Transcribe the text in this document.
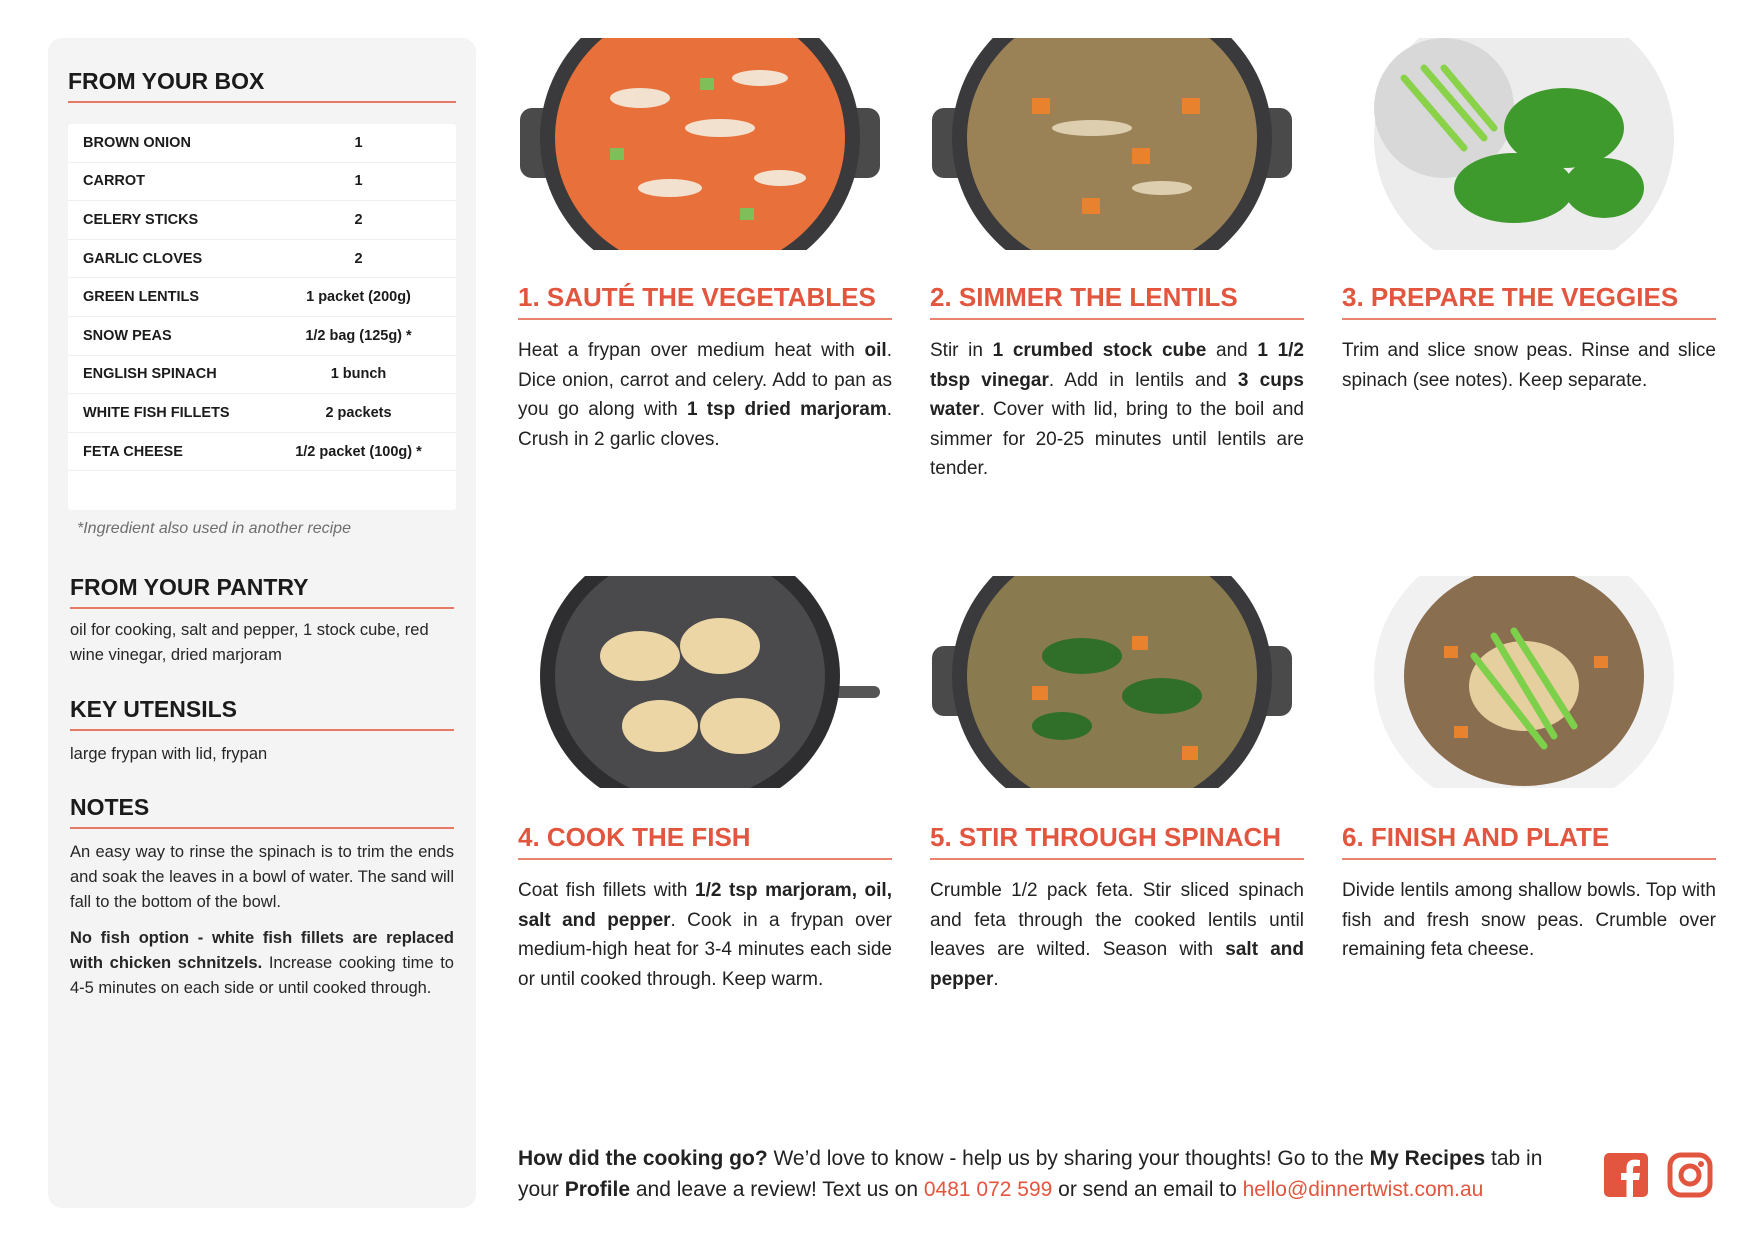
FROM YOUR BOX
BROWN ONION	1
CARROT	1
CELERY STICKS	2
GARLIC CLOVES	2
GREEN LENTILS	1 packet (200g)
SNOW PEAS	1/2 bag (125g) *
ENGLISH SPINACH	1 bunch
WHITE FISH FILLETS	2 packets
FETA CHEESE	1/2 packet (100g) *
*Ingredient also used in another recipe
FROM YOUR PANTRY
oil for cooking, salt and pepper, 1 stock cube, red wine vinegar, dried marjoram
KEY UTENSILS
large frypan with lid, frypan
NOTES
An easy way to rinse the spinach is to trim the ends and soak the leaves in a bowl of water. The sand will fall to the bottom of the bowl.
No fish option - white fish fillets are replaced with chicken schnitzels. Increase cooking time to 4-5 minutes on each side or until cooked through.
1. SAUTÉ THE VEGETABLES
Heat a frypan over medium heat with oil. Dice onion, carrot and celery. Add to pan as you go along with 1 tsp dried marjoram. Crush in 2 garlic cloves.
2. SIMMER THE LENTILS
Stir in 1 crumbed stock cube and 1 1/2 tbsp vinegar. Add in lentils and 3 cups water. Cover with lid, bring to the boil and simmer for 20-25 minutes until lentils are tender.
3. PREPARE THE VEGGIES
Trim and slice snow peas. Rinse and slice spinach (see notes). Keep separate.
4. COOK THE FISH
Coat fish fillets with 1/2 tsp marjoram, oil, salt and pepper. Cook in a frypan over medium-high heat for 3-4 minutes each side or until cooked through. Keep warm.
5. STIR THROUGH SPINACH
Crumble 1/2 pack feta. Stir sliced spinach and feta through the cooked lentils until leaves are wilted. Season with salt and pepper.
6. FINISH AND PLATE
Divide lentils among shallow bowls. Top with fish and fresh snow peas. Crumble over remaining feta cheese.
How did the cooking go? We’d love to know - help us by sharing your thoughts! Go to the My Recipes tab in your Profile and leave a review! Text us on 0481 072 599 or send an email to hello@dinnertwist.com.au
